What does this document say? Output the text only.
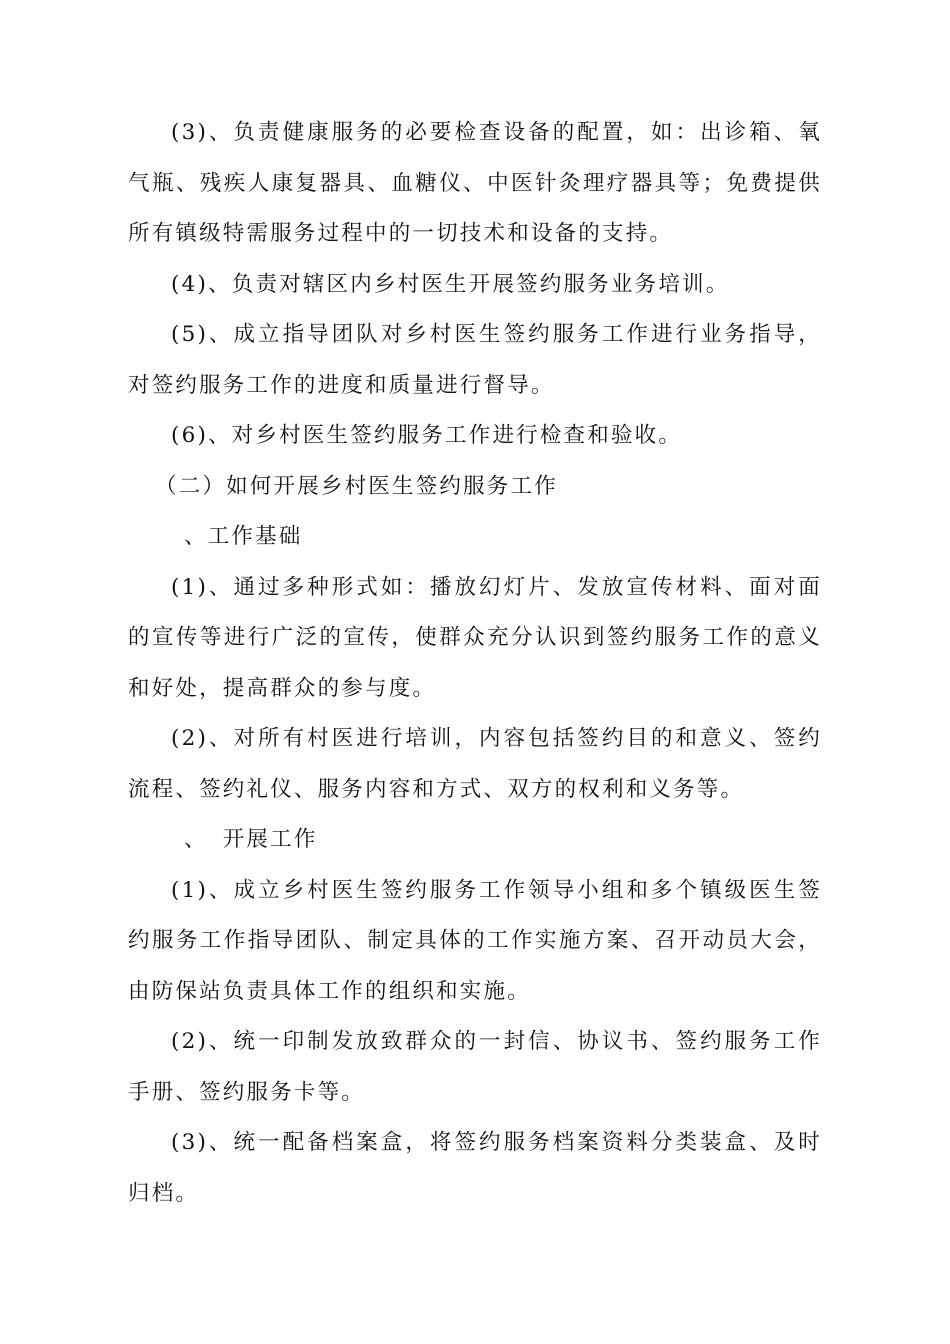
(3)、负责健康服务的必要检查设备的配置，如：出诊箱、氧气瓶、残疾人康复器具、血糖仪、中医针灸理疗器具等；免费提供所有镇级特需服务过程中的一切技术和设备的支持。

(4)、负责对辖区内乡村医生开展签约服务业务培训。

(5)、成立指导团队对乡村医生签约服务工作进行业务指导，对签约服务工作的进度和质量进行督导。

(6)、对乡村医生签约服务工作进行检查和验收。

（二）如何开展乡村医生签约服务工作

、工作基础

(1)、通过多种形式如：播放幻灯片、发放宣传材料、面对面的宣传等进行广泛的宣传，使群众充分认识到签约服务工作的意义和好处，提高群众的参与度。

(2)、对所有村医进行培训，内容包括签约目的和意义、签约流程、签约礼仪、服务内容和方式、双方的权利和义务等。

、 开展工作

(1)、成立乡村医生签约服务工作领导小组和多个镇级医生签约服务工作指导团队、制定具体的工作实施方案、召开动员大会，由防保站负责具体工作的组织和实施。

(2)、统一印制发放致群众的一封信、协议书、签约服务工作手册、签约服务卡等。

(3)、统一配备档案盒，将签约服务档案资料分类装盒、及时归档。
